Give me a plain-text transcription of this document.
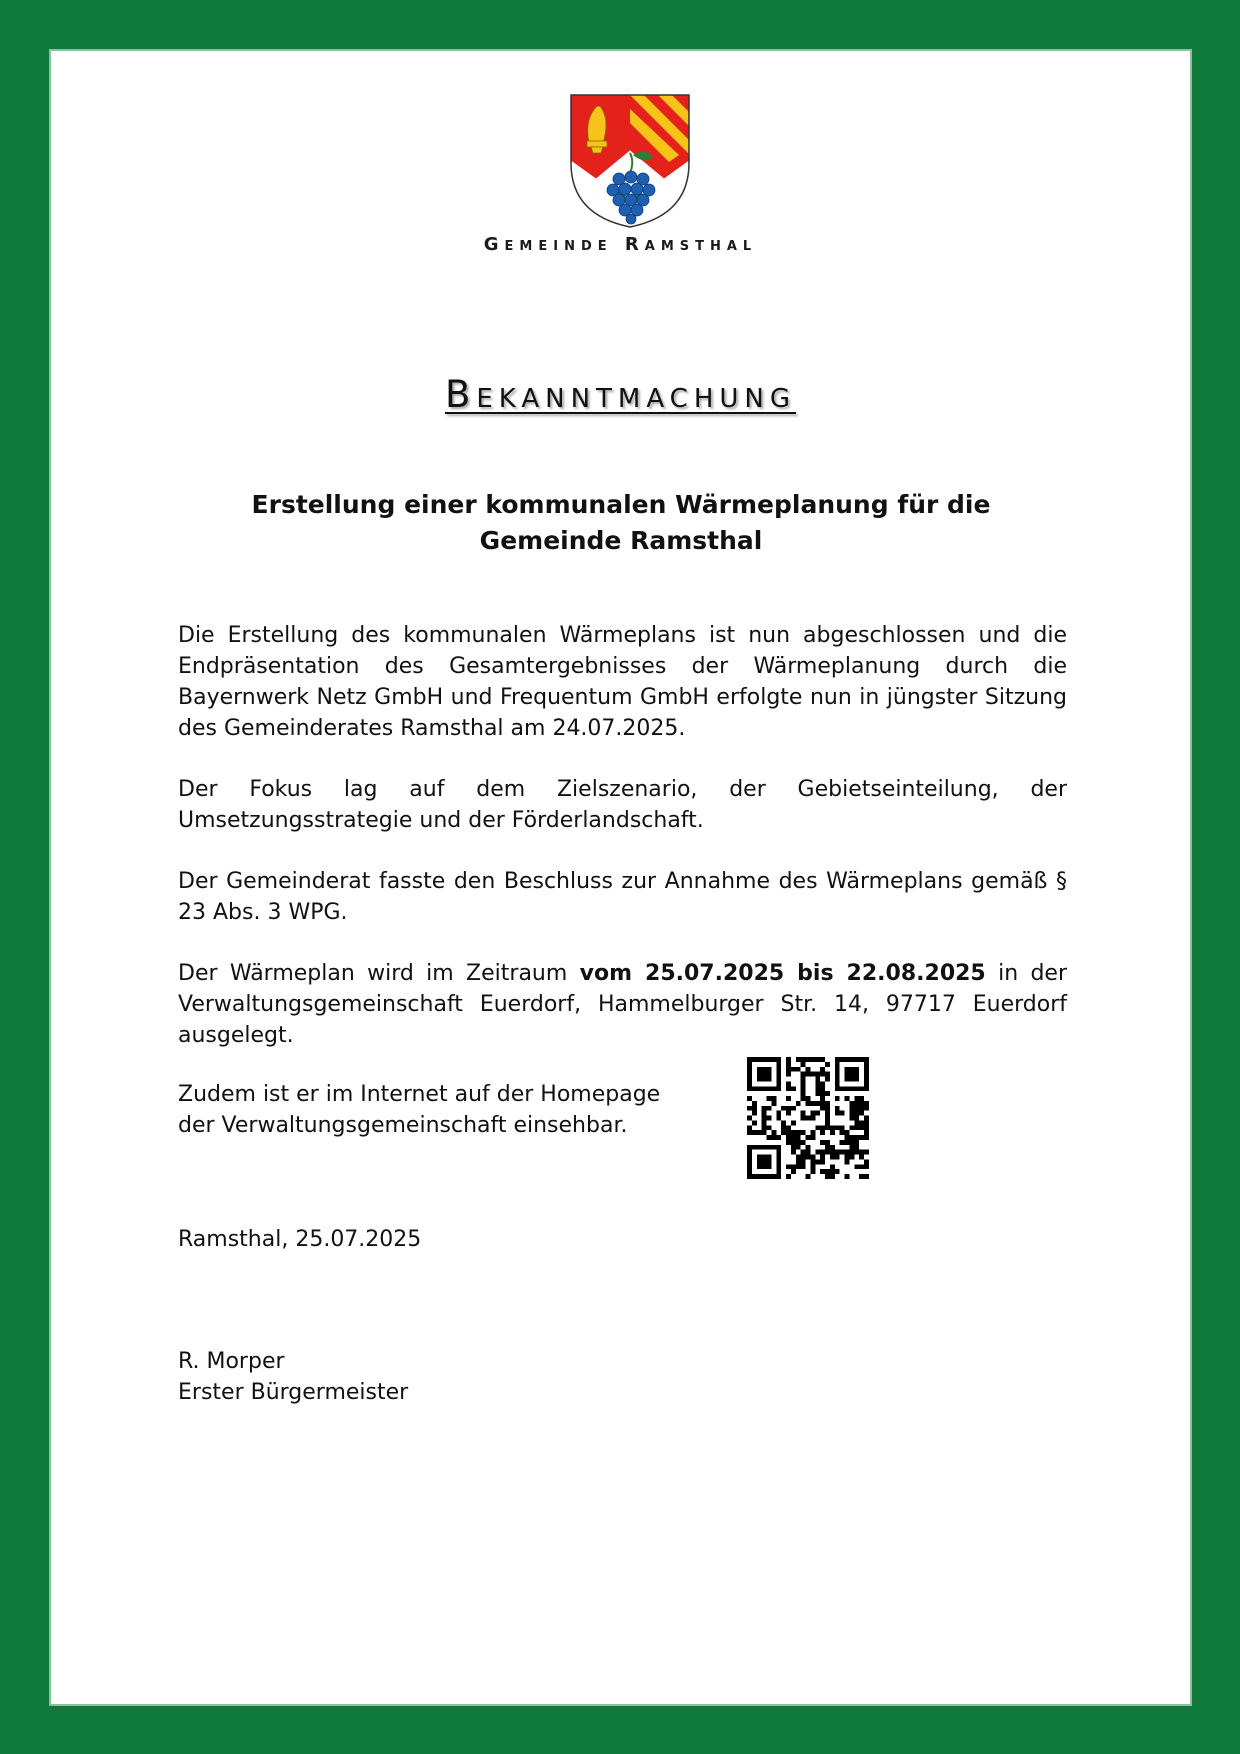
Gemeinde Ramsthal
Bekanntmachung
Erstellung einer kommunalen Wärmeplanung für die
Gemeinde Ramsthal

Die Erstellung des kommunalen Wärmeplans ist nun abgeschlossen und die Endpräsentation des Gesamtergebnisses der Wärmeplanung durch die Bayernwerk Netz GmbH und Frequentum GmbH erfolgte nun in jüngster Sitzung des Gemeinderates Ramsthal am 24.07.2025.

Der Fokus lag auf dem Zielszenario, der Gebietseinteilung, der Umsetzungsstrategie und der Förderlandschaft.

Der Gemeinderat fasste den Beschluss zur Annahme des Wärmeplans gemäß § 23 Abs. 3 WPG.

Der Wärmeplan wird im Zeitraum vom 25.07.2025 bis 22.08.2025 in der Verwaltungsgemeinschaft Euerdorf, Hammelburger Str. 14, 97717 Euerdorf ausgelegt.

Zudem ist er im Internet auf der Homepage der Verwaltungsgemeinschaft einsehbar.

Ramsthal, 25.07.2025
R. Morper
Erster Bürgermeister
